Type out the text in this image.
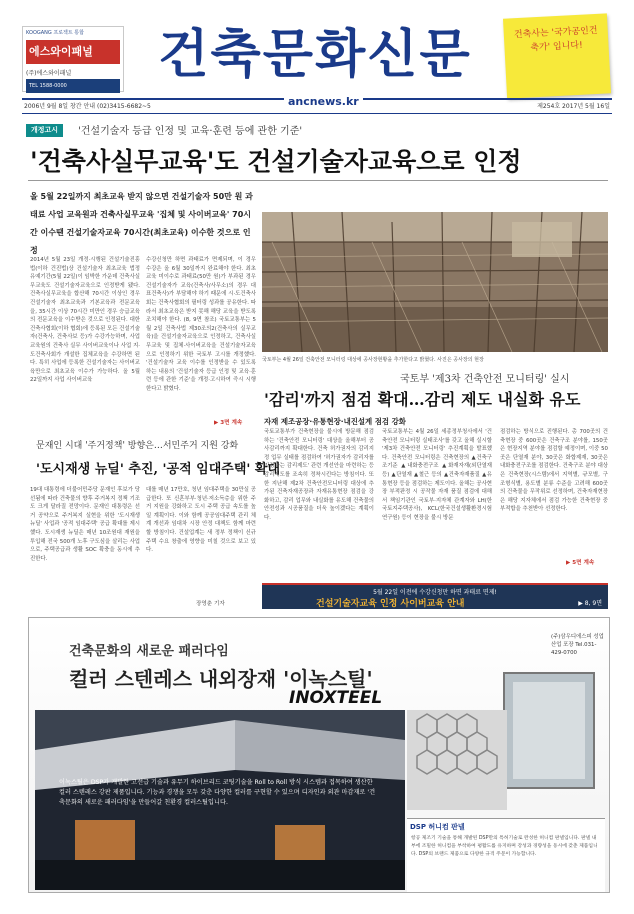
KOOGANG 프로젝트 통합
에스와이패널
(주)에스와이패널
TEL 1588-0000
건축문화신문	건축사는 '국가공인건축가' 입니다!
2006년 9월 8일 창간 안내 (02)3415-6682~5	ancnews.kr	제254호 2017년 5월 16일
개정고시	'건설기술자 등급 인정 및 교육·훈련 등에 관한 기준'
'건축사실무교육'도 건설기술자교육으로 인정
올 5월 22일까지 최초교육 받지 않으면 건설기술자 50만 원 과태료 사업 교육원과 건축사실무교육 '집체 및 사이버교육' 70시간 이수땐 건설기술자교육 70시간(최초교육) 이수한 것으로 인정
2014년 5월 23일 개정·시행된 건설기술진흥법(이하 건진법)상 건설기술자 최초교육 법정 유예기간(5월 22일)이 임박한 가운데 건축사실무교육도 건설기술자교육으로 인정받게 됐다. 건축사실무교육을 합산해 70시간 이상인 경우 건설기술자 최초교육과 기본교육과 전문교육을, 35시간 이상 70시간 미만인 경우 승급교육의 전문교육을 이수받은 것으로 인정된다. 대한건축사협회(이하 협회)에 등록된 모든 건설기술자(건축사, 건축사보 등)가 수강가능하며, 사업 교육원의 건축사 실무 사이버교육이나 사업 지·도건축사회가 개설한 집체교육을 수강하면 된다. 특히 사업에 등록한 건설기술자는 사이버교육만으로 최초교육 이수가 가능하다. 올 5월 22일까지 사업 사이버교육
수강신청만 하면 과태료가 면제되며, 이 경우 수강은 올 6월 30일까지 완료해야 한다. 최초교육 미이수로 과태료(50만 원)가 부과된 경우 건설기술자가 교육(건축사/사무소)의 경우 대표건축사)가 부담해야 하기 때문에 시·도건축사회는 건축사협회의 필터링 성과를 공유한다. 따라서 최초교육은 받지 못해 해당 교육을 받도록 조치해야 한다. (8, 9면 참조) 국토교통부는 5월 2일 건축사법 제30조의2(건축사의 실무교육)을 건설기술자교육으로 인정하고, 건축사실무교육 및 집체·사이버교육을 건설기술자교육으로 인정하기 위한 국토부 고시를 개정했다. '건설기술자 교육 이수를 인정받을 수 있도록 하는 내용의 '건설기술자 등급 인정 및 교육·훈련 등에 관한 기준'을 개정·고시하여 즉시 시행한다고 밝혔다.
▶ 3면 계속
국토부는 4월 26일 건축안전 모니터링 대상에 공사장현황을 추가한다고 밝혔다. 사진은 공사장의 현장
국토부 '제3차 건축안전 모니터링' 실시
'감리'까지 점검 확대…감리 제도 내실화 유도
자재 제조공장·유통현장·내진설계 점검 강화
국토교통부가 건축현장을 불시에 방문해 점검하는 '건축안전 모니터링' 대상을 올해부터 공사감리까지 확대한다. 건축 허가권자의 감리지정 업무 실태를 점검하여 '허가권자가 감리자를 지정하는 감리제도' 관련 개선안을 마련하는 등 감리제도를 조속히 정착시킨다는 방침이다. 또한 지난해 제2차 건축안전모니터링 대상에 추가된 건축자재공장과 자재유통현장 점검을 강화하고, 감리 업무와 내실화를 유도해 건축물의 안전성과 시공품질을 더욱 높이겠다는 계획이다.
국토교통부는 4월 26일 세종정부청사에서 '건축안전 모니터링 실태조사'를 갖고 올해 실시할 '제3차 건축안전 모니터링' 추진계획을 발표했다. 건축안전 모니터링은 건축현장의 ▲건축구조기준 ▲내화충전구조 ▲화재자재(외단열재 등) ▲단열재 ▲철근 등의 ▲건축자재품질 ▲유통현장 등을 점검하는 제도이다. 올해는 공사현장 부적판정 시 공작물 자재 품질 점검에 대해서 책임기관인 국토부·지자체 관계자와 LH(한국토지주택공사), KCL(한국건설생활환경시험연구원) 등이 현장을 불시 방문
점검하는 방식으로 진행된다. 총 700곳의 건축현장 중 600곳은 건축구조 분야를, 150곳은 현장지역 분야를 점검할 예정이며, 이중 50곳은 단열재 분야, 30곳은 화합제재, 30곳은 내화충전구조를 점검한다. 건축구조 분야 대상은 건축현장(시스템)에서 지역별, 규모별, 구조형식별, 용도별 분류 수준을 고려해 600곳의 건축물을 무작위로 선정하며, 건축자재현장은 해당 지자체에서 점검 가능한 건축현장 중 부적합을 추천받아 선정한다.
▶ 5면 계속
문재인 시대 '주거정책' 방향은…서민주거 지원 강화
'도시재생 뉴딜' 추진, '공적 임대주택' 확대
19대 대통령에 더불어민주당 문재인 후보가 당선됨에 따라 건축물의 향후 주거복지 정책 기조도 크게 달라질 전망이다. 문재인 대통령은 선거 공약으로 주거복지 실현을 위한 '도시재생 뉴딜' 사업과 '공적 임대주택' 공급 확대를 제시했다. 도시재생 뉴딜은 매년 10조원대 재원을 투입해 전국 500개 노후 구도심을 살리는 사업으로, 주택공급과 생활 SOC 확충을 동시에 추진한다.
대를 매년 17만호, 청년 임대주택을 30만실 공급한다. 또 신혼부부·청년·저소득층을 위한 주거 지원을 강화하고 도시 주택 공급 속도를 높일 계획이다. 이와 함께 공공임대주택 관리 체계 개선과 임대차 시장 안정 대책도 함께 마련할 방침이다. 건설업계는 새 정부 정책이 신규 주택 수요 창출에 영향을 미칠 것으로 보고 있다.
장영춘 기자
5월 22일 이전에 수강신청만 하면 과태료 면제!
건설기술자교육 인정 사이버교육 안내	▶ 8, 9면
건축문화의 새로운 패러다임
컬러 스텐레스 내외장재 '이녹스틸'
INOXTEEL
이녹스틸은 DSP가 개발한 고선급 기술과 유무기 하이브리드 코팅기술을 Roll to Roll 방식 시스템과 접목하여 생산한 컬러 스텐레스 강판 제품입니다. 기능과 경쟁을 모두 갖춘 다양한 컬러를 구현할 수 있으며 디자인과 외관 마감재로 '건축문화의 새로운 패러다임'을 만들어갈 친환경 컬러스틸입니다.
(주)삼우디에스피 성업산업 포장 Tel.031-429-0700
DSP 허니컴 판넬
항공 제조기 기술을 통해 개발된 DSP만의 특허기술로 완성한 허니컴 판넬입니다. 판넬 내부에 조밀한 허니컴을 부착하여 평활도를 유지하며 강성과 경량성을 동시에 갖춘 제품입니다. DSP의 브랜드 제품으로 다양한 규격 주문이 가능합니다.
